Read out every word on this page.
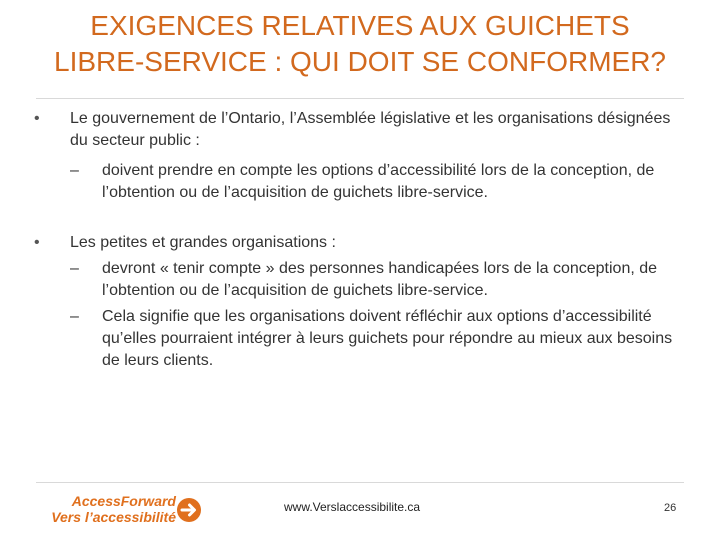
EXIGENCES RELATIVES AUX GUICHETS
LIBRE-SERVICE : QUI DOIT SE CONFORMER?
• Le gouvernement de l’Ontario, l’Assemblée législative et les organisations désignées du secteur public :
– doivent prendre en compte les options d’accessibilité lors de la conception, de l’obtention ou de l’acquisition de guichets libre-service.
• Les petites et grandes organisations :
– devront « tenir compte » des personnes handicapées lors de la conception, de l’obtention ou de l’acquisition de guichets libre-service.
– Cela signifie que les organisations doivent réfléchir aux options d’accessibilité qu’elles pourraient intégrer à leurs guichets pour répondre au mieux aux besoins de leurs clients.
AccessForward
Vers l’accessibilité
www.Verslaccessibilite.ca	26
